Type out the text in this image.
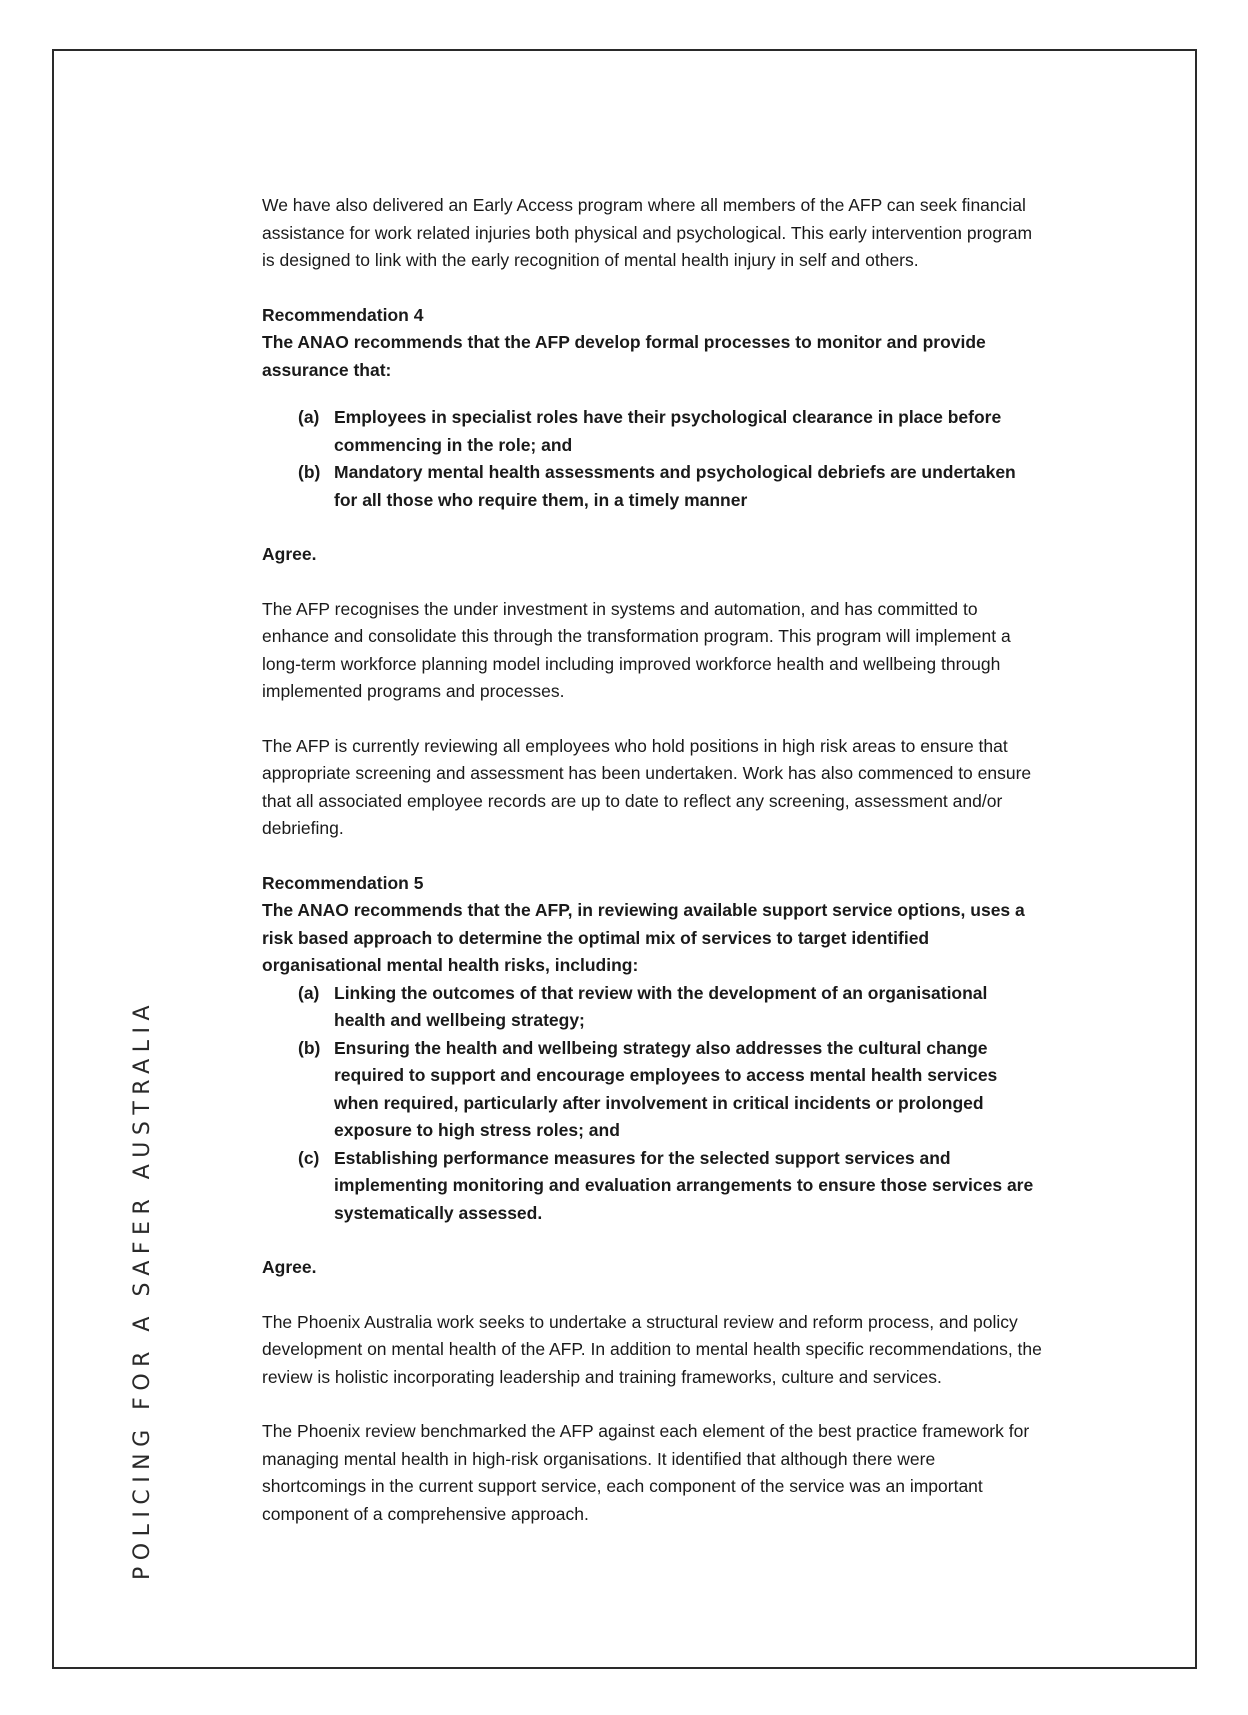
POLICING FOR A SAFER AUSTRALIA

We have also delivered an Early Access program where all members of the AFP can seek financial assistance for work related injuries both physical and psychological. This early intervention program is designed to link with the early recognition of mental health injury in self and others.

Recommendation 4

The ANAO recommends that the AFP develop formal processes to monitor and provide assurance that:

(a) Employees in specialist roles have their psychological clearance in place before commencing in the role; and
(b) Mandatory mental health assessments and psychological debriefs are undertaken for all those who require them, in a timely manner

Agree.

The AFP recognises the under investment in systems and automation, and has committed to enhance and consolidate this through the transformation program. This program will implement a long-term workforce planning model including improved workforce health and wellbeing through implemented programs and processes.

The AFP is currently reviewing all employees who hold positions in high risk areas to ensure that appropriate screening and assessment has been undertaken. Work has also commenced to ensure that all associated employee records are up to date to reflect any screening, assessment and/or debriefing.

Recommendation 5

The ANAO recommends that the AFP, in reviewing available support service options, uses a risk based approach to determine the optimal mix of services to target identified organisational mental health risks, including:

(a) Linking the outcomes of that review with the development of an organisational health and wellbeing strategy;
(b) Ensuring the health and wellbeing strategy also addresses the cultural change required to support and encourage employees to access mental health services when required, particularly after involvement in critical incidents or prolonged exposure to high stress roles; and
(c) Establishing performance measures for the selected support services and implementing monitoring and evaluation arrangements to ensure those services are systematically assessed.

Agree.

The Phoenix Australia work seeks to undertake a structural review and reform process, and policy development on mental health of the AFP. In addition to mental health specific recommendations, the review is holistic incorporating leadership and training frameworks, culture and services.

The Phoenix review benchmarked the AFP against each element of the best practice framework for managing mental health in high-risk organisations. It identified that although there were shortcomings in the current support service, each component of the service was an important component of a comprehensive approach.
